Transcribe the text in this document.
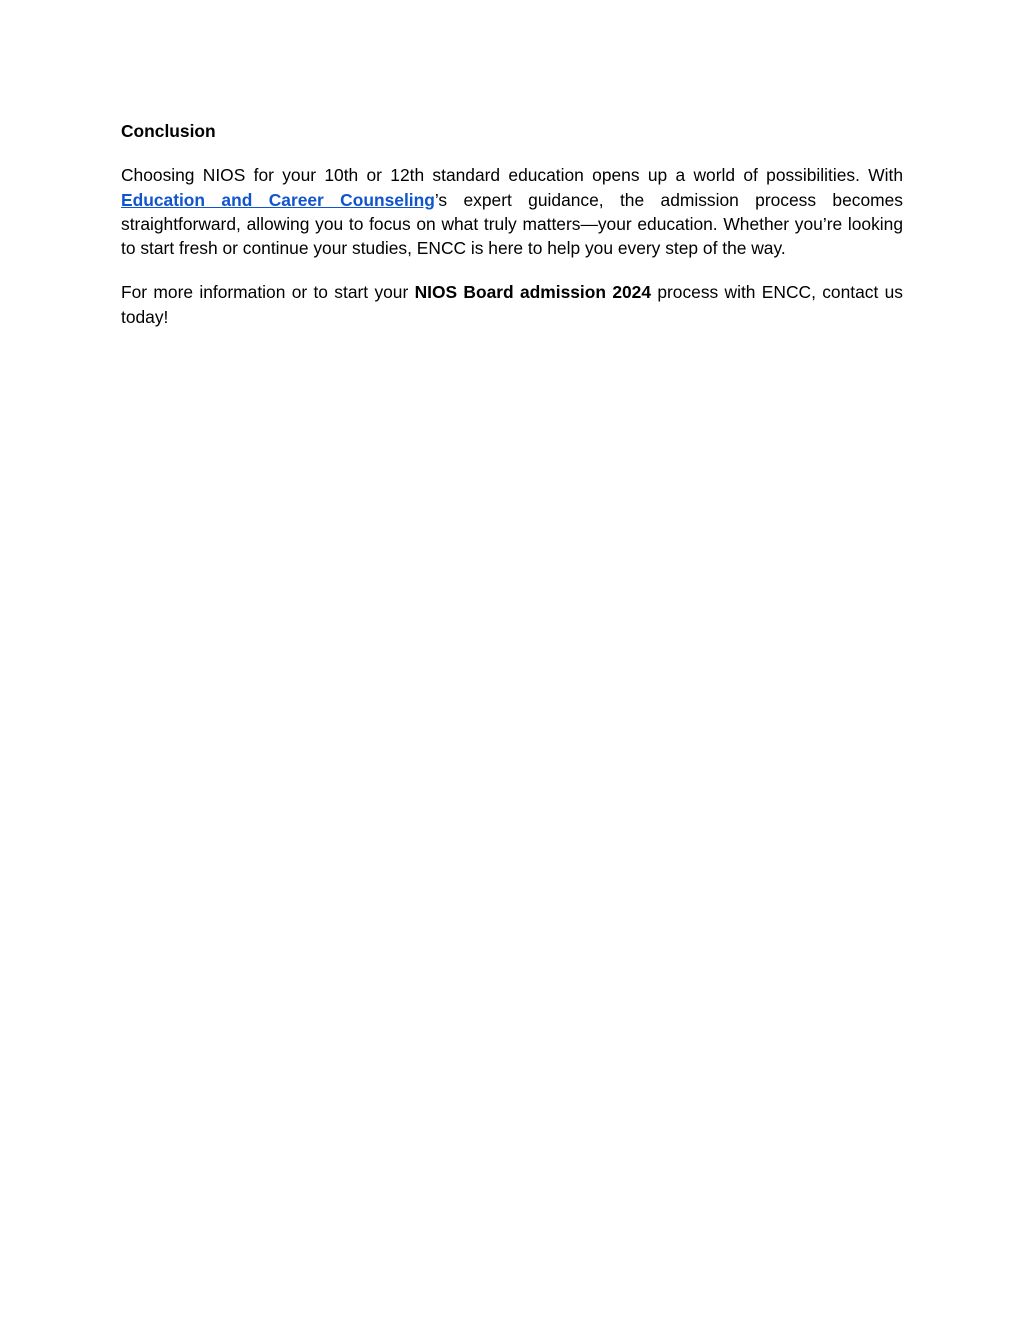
Conclusion

Choosing NIOS for your 10th or 12th standard education opens up a world of possibilities. With Education and Career Counseling’s expert guidance, the admission process becomes straightforward, allowing you to focus on what truly matters—your education. Whether you’re looking to start fresh or continue your studies, ENCC is here to help you every step of the way.

For more information or to start your NIOS Board admission 2024 process with ENCC, contact us today!
